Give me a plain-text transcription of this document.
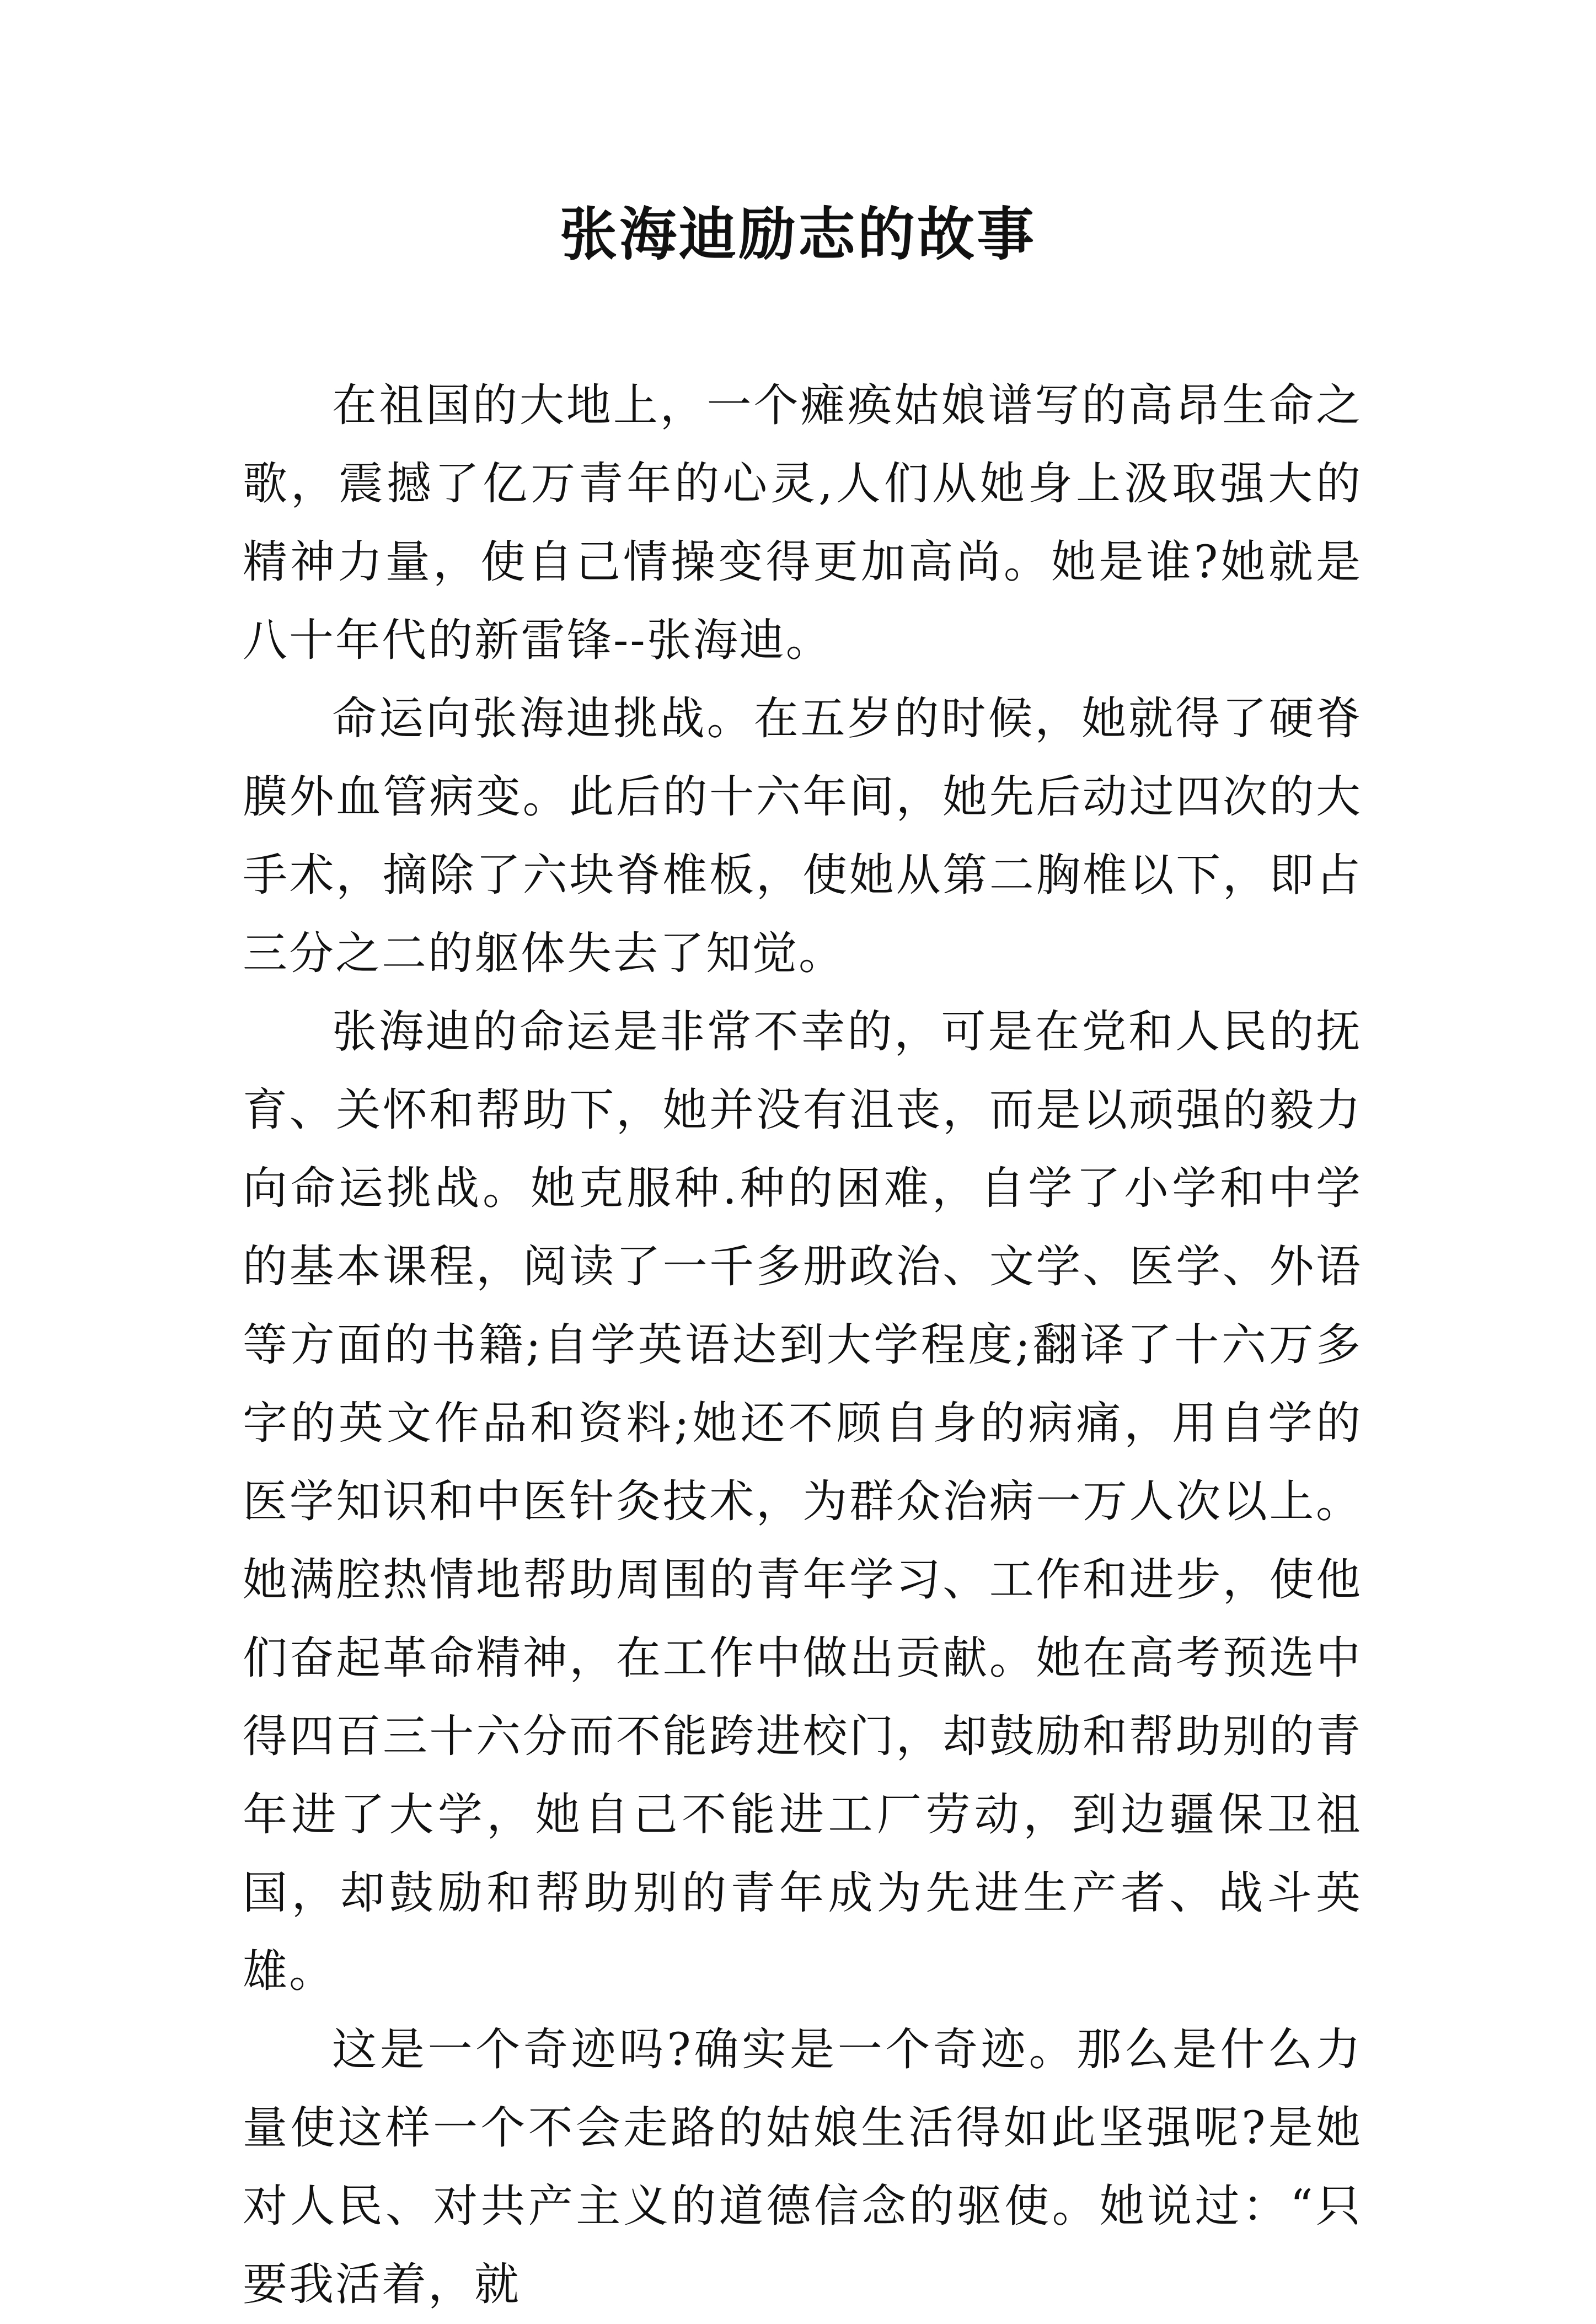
张海迪励志的故事

在祖国的大地上，一个瘫痪姑娘谱写的高昂生命之歌，震撼了亿万青年的心灵,人们从她身上汲取强大的精神力量，使自己情操变得更加高尚。她是谁?她就是八十年代的新雷锋--张海迪。

命运向张海迪挑战。在五岁的时候，她就得了硬脊膜外血管病变。此后的十六年间，她先后动过四次的大手术，摘除了六块脊椎板，使她从第二胸椎以下，即占三分之二的躯体失去了知觉。

张海迪的命运是非常不幸的，可是在党和人民的抚育、关怀和帮助下，她并没有沮丧，而是以顽强的毅力向命运挑战。她克服种.种的困难，自学了小学和中学的基本课程，阅读了一千多册政治、文学、医学、外语等方面的书籍;自学英语达到大学程度;翻译了十六万多字的英文作品和资料;她还不顾自身的病痛，用自学的医学知识和中医针灸技术，为群众治病一万人次以上。她满腔热情地帮助周围的青年学习、工作和进步，使他们奋起革命精神，在工作中做出贡献。她在高考预选中得四百三十六分而不能跨进校门，却鼓励和帮助别的青年进了大学，她自己不能进工厂劳动，到边疆保卫祖国，却鼓励和帮助别的青年成为先进生产者、战斗英雄。

这是一个奇迹吗?确实是一个奇迹。那么是什么力量使这样一个不会走路的姑娘生活得如此坚强呢?是她对人民、对共产主义的道德信念的驱使。她说过：“只要我活着，就
